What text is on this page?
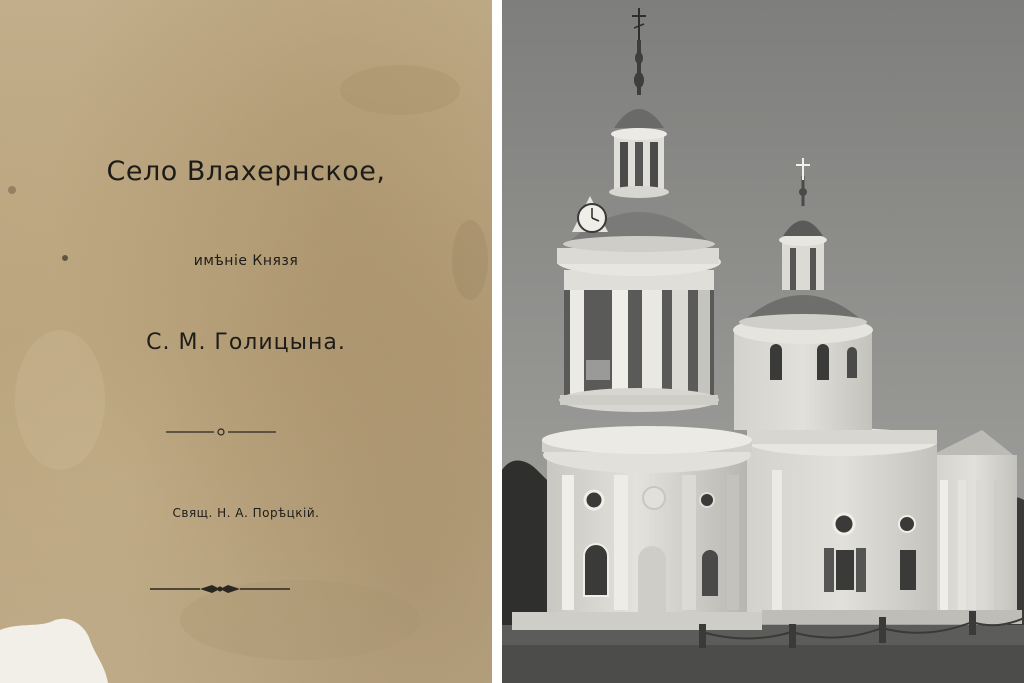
Село Влахернское,
имѣніе Князя
С. М. Голицына.
Свящ. Н. А. Порѣцкій.
